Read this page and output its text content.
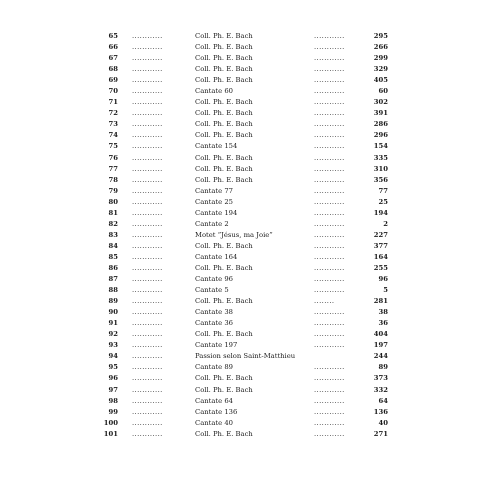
65 ............	Coll. Ph. E. Bach	............	295
66 ............	Coll. Ph. E. Bach	............	266
67 ............	Coll. Ph. E. Bach	............	299
68 ............	Coll. Ph. E. Bach	............	329
69 ............	Coll. Ph. E. Bach	............	405
70 ............	Cantate 60	............	60
71 ............	Coll. Ph. E. Bach	............	302
72 ............	Coll. Ph. E. Bach	............	391
73 ............	Coll. Ph. E. Bach	............	286
74 ............	Coll. Ph. E. Bach	............	296
75 ............	Cantate 154	............	154
76 ............	Coll. Ph. E. Bach	............	335
77 ............	Coll. Ph. E. Bach	............	310
78 ............	Coll. Ph. E. Bach	............	356
79 ............	Cantate 77	............	77
80 ............	Cantate 25	............	25
81 ............	Cantate 194	............	194
82 ............	Cantate 2	............	2
83 ............	Motet ”Jésus, ma Joie”	............	227
84 ............	Coll. Ph. E. Bach	............	377
85 ............	Cantate 164	............	164
86 ............	Coll. Ph. E. Bach	............	255
87 ............	Cantate 96	............	96
88 ............	Cantate 5	............	5
89 ............	Coll. Ph. E. Bach	........	281
90 ............	Cantate 38	............	38
91 ............	Cantate 36	............	36
92 ............	Coll. Ph. E. Bach	............	404
93 ............	Cantate 197	............	197
94 ............	Passion selon Saint-Matthieu	244
95 ............	Cantate 89	............	89
96 ............	Coll. Ph. E. Bach	............	373
97 ............	Coll. Ph. E. Bach	............	332
98 ............	Cantate 64	............	64
99 ............	Cantate 136	............	136
100 ............	Cantate 40	............	40
101 ............	Coll. Ph. E. Bach	............	271
